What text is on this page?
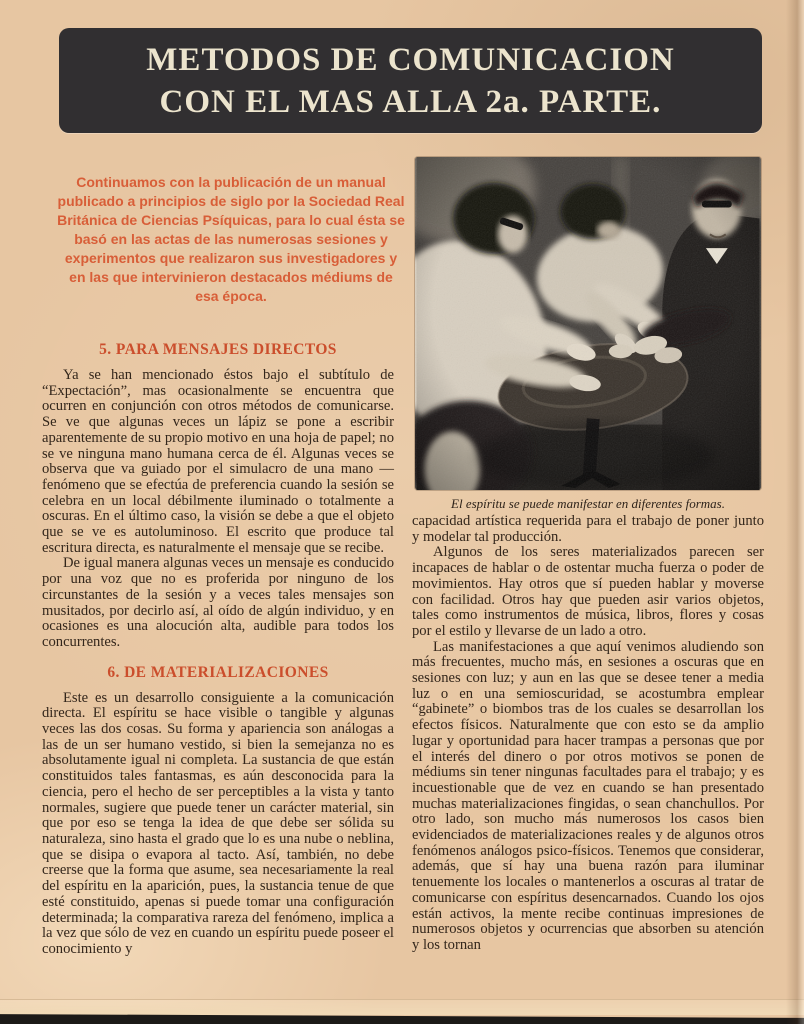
METODOS DE COMUNICACION
CON EL MAS ALLA 2a. PARTE.
Continuamos con la publicación de un manual publicado a principios de siglo por la Sociedad Real Británica de Ciencias Psíquicas, para lo cual ésta se basó en las actas de las numerosas sesiones y experimentos que realizaron sus investigadores y en las que intervinieron destacados médiums de esa época.
El espíritu se puede manifestar en diferentes formas.
5. PARA MENSAJES DIRECTOS

Ya se han mencionado éstos bajo el subtítulo de “Expectación”, mas ocasionalmente se encuentra que ocurren en conjunción con otros métodos de comunicarse. Se ve que algunas veces un lápiz se pone a escribir aparentemente de su propio motivo en una hoja de papel; no se ve ninguna mano humana cerca de él. Algunas veces se observa que va guiado por el simulacro de una mano —fenómeno que se efectúa de preferencia cuando la sesión se celebra en un local débilmente iluminado o totalmente a oscuras. En el último caso, la visión se debe a que el objeto que se ve es autoluminoso. El escrito que produce tal escritura directa, es naturalmente el mensaje que se recibe.

De igual manera algunas veces un mensaje es conducido por una voz que no es proferida por ninguno de los circunstantes de la sesión y a veces tales mensajes son musitados, por decirlo así, al oído de algún individuo, y en ocasiones es una alocución alta, audible para todos los concurrentes.

6. DE MATERIALIZACIONES

Este es un desarrollo consiguiente a la comunicación directa. El espíritu se hace visible o tangible y algunas veces las dos cosas. Su forma y apariencia son análogas a las de un ser humano vestido, si bien la semejanza no es absolutamente igual ni completa. La sustancia de que están constituidos tales fantasmas, es aún desconocida para la ciencia, pero el hecho de ser perceptibles a la vista y tanto normales, sugiere que puede tener un carácter material, sin que por eso se tenga la idea de que debe ser sólida su naturaleza, sino hasta el grado que lo es una nube o neblina, que se disipa o evapora al tacto. Así, también, no debe creerse que la forma que asume, sea necesariamente la real del espíritu en la aparición, pues, la sustancia tenue de que esté constituido, apenas si puede tomar una configuración determinada; la comparativa rareza del fenómeno, implica a la vez que sólo de vez en cuando un espíritu puede poseer el conocimiento y

capacidad artística requerida para el trabajo de poner junto y modelar tal producción.

Algunos de los seres materializados parecen ser incapaces de hablar o de ostentar mucha fuerza o poder de movimientos. Hay otros que sí pueden hablar y moverse con facilidad. Otros hay que pueden asir varios objetos, tales como instrumentos de música, libros, flores y cosas por el estilo y llevarse de un lado a otro.

Las manifestaciones a que aquí venimos aludiendo son más frecuentes, mucho más, en sesiones a oscuras que en sesiones con luz; y aun en las que se desee tener a media luz o en una semioscuridad, se acostumbra emplear “gabinete” o biombos tras de los cuales se desarrollan los efectos físicos. Naturalmente que con esto se da amplio lugar y oportunidad para hacer trampas a personas que por el interés del dinero o por otros motivos se ponen de médiums sin tener ningunas facultades para el trabajo; y es incuestionable que de vez en cuando se han presentado muchas materializaciones fingidas, o sean chanchullos. Por otro lado, son mucho más numerosos los casos bien evidenciados de materializaciones reales y de algunos otros fenómenos análogos psico-físicos. Tenemos que considerar, además, que sí hay una buena razón para iluminar tenuemente los locales o mantenerlos a oscuras al tratar de comunicarse con espíritus desencarnados. Cuando los ojos están activos, la mente recibe continuas impresiones de numerosos objetos y ocurrencias que absorben su atención y los tornan
